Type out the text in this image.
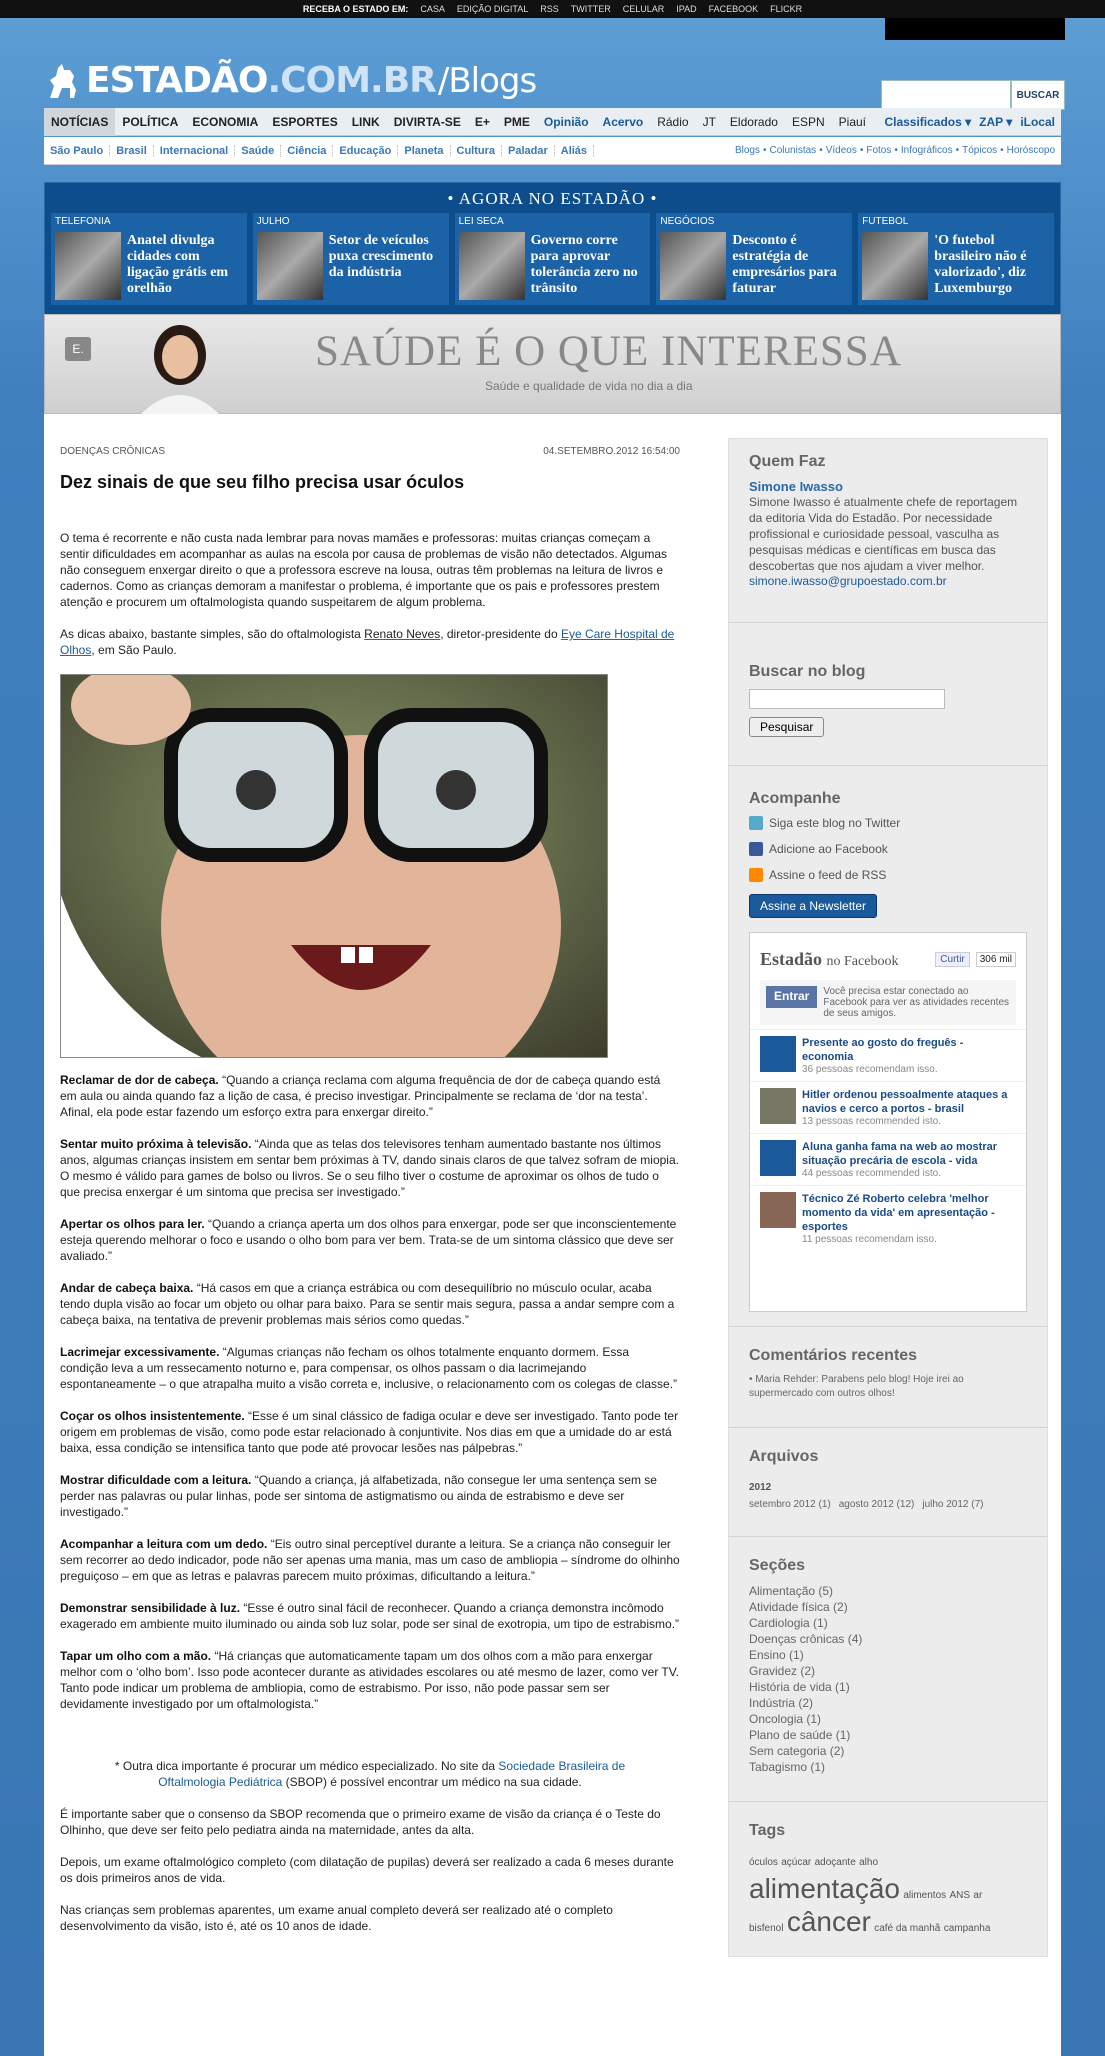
RECEBA O ESTADO EM: CASA EDIÇÃO DIGITAL RSS TWITTER CELULAR IPAD FACEBOOK FLICKR
ESTADÃO .COM.BR /Blogs	BUSCAR
NOTÍCIAS	POLÍTICA	ECONOMIA	ESPORTES	LINK	DIVIRTA-SE	E+	PME	Opinião	Acervo	Rádio	JT	Eldorado	ESPN	Piauí	Classificados ▾ ZAP ▾ iLocal
São Paulo	Brasil	Internacional	Saúde	Ciência	Educação	Planeta	Cultura	Paladar	Aliás	Blogs • Colunistas • Vídeos • Fotos • Infográficos • Tópicos • Horóscopo
• AGORA NO ESTADÃO •
TELEFONIA
Anatel divulga cidades com ligação grátis em orelhão
JULHO
Setor de veículos puxa crescimento da indústria
LEI SECA
Governo corre para aprovar tolerância zero no trânsito
NEGÓCIOS
Desconto é estratégia de empresários para faturar
FUTEBOL
'O futebol brasileiro não é valorizado', diz Luxemburgo
E.	SAÚDE É O QUE INTERESSA
Saúde e qualidade de vida no dia a dia
DOENÇAS CRÔNICAS	04.SETEMBRO.2012 16:54:00
Dez sinais de que seu filho precisa usar óculos

O tema é recorrente e não custa nada lembrar para novas mamães e professoras: muitas crianças começam a sentir dificuldades em acompanhar as aulas na escola por causa de problemas de visão não detectados. Algumas não conseguem enxergar direito o que a professora escreve na lousa, outras têm problemas na leitura de livros e cadernos. Como as crianças demoram a manifestar o problema, é importante que os pais e professores prestem atenção e procurem um oftalmologista quando suspeitarem de algum problema.

As dicas abaixo, bastante simples, são do oftalmologista Renato Neves, diretor-presidente do Eye Care Hospital de Olhos, em São Paulo.

Reclamar de dor de cabeça. “Quando a criança reclama com alguma frequência de dor de cabeça quando está em aula ou ainda quando faz a lição de casa, é preciso investigar. Principalmente se reclama de ‘dor na testa’. Afinal, ela pode estar fazendo um esforço extra para enxergar direito.”

Sentar muito próxima à televisão. “Ainda que as telas dos televisores tenham aumentado bastante nos últimos anos, algumas crianças insistem em sentar bem próximas à TV, dando sinais claros de que talvez sofram de miopia. O mesmo é válido para games de bolso ou livros. Se o seu filho tiver o costume de aproximar os olhos de tudo o que precisa enxergar é um sintoma que precisa ser investigado.”

Apertar os olhos para ler. “Quando a criança aperta um dos olhos para enxergar, pode ser que inconscientemente esteja querendo melhorar o foco e usando o olho bom para ver bem. Trata-se de um sintoma clássico que deve ser avaliado.”

Andar de cabeça baixa. “Há casos em que a criança estrábica ou com desequilíbrio no músculo ocular, acaba tendo dupla visão ao focar um objeto ou olhar para baixo. Para se sentir mais segura, passa a andar sempre com a cabeça baixa, na tentativa de prevenir problemas mais sérios como quedas.”

Lacrimejar excessivamente. “Algumas crianças não fecham os olhos totalmente enquanto dormem. Essa condição leva a um ressecamento noturno e, para compensar, os olhos passam o dia lacrimejando espontaneamente – o que atrapalha muito a visão correta e, inclusive, o relacionamento com os colegas de classe.”

Coçar os olhos insistentemente. “Esse é um sinal clássico de fadiga ocular e deve ser investigado. Tanto pode ter origem em problemas de visão, como pode estar relacionado à conjuntivite. Nos dias em que a umidade do ar está baixa, essa condição se intensifica tanto que pode até provocar lesões nas pálpebras.”

Mostrar dificuldade com a leitura. “Quando a criança, já alfabetizada, não consegue ler uma sentença sem se perder nas palavras ou pular linhas, pode ser sintoma de astigmatismo ou ainda de estrabismo e deve ser investigado.”

Acompanhar a leitura com um dedo. “Eis outro sinal perceptível durante a leitura. Se a criança não conseguir ler sem recorrer ao dedo indicador, pode não ser apenas uma mania, mas um caso de ambliopia – síndrome do olhinho preguiçoso – em que as letras e palavras parecem muito próximas, dificultando a leitura.”

Demonstrar sensibilidade à luz. “Esse é outro sinal fácil de reconhecer. Quando a criança demonstra incômodo exagerado em ambiente muito iluminado ou ainda sob luz solar, pode ser sinal de exotropia, um tipo de estrabismo.”

Tapar um olho com a mão. “Há crianças que automaticamente tapam um dos olhos com a mão para enxergar melhor com o ‘olho bom’. Isso pode acontecer durante as atividades escolares ou até mesmo de lazer, como ver TV. Tanto pode indicar um problema de ambliopia, como de estrabismo. Por isso, não pode passar sem ser devidamente investigado por um oftalmologista.”

* Outra dica importante é procurar um médico especializado. No site da Sociedade Brasileira de Oftalmologia Pediátrica (SBOP) é possível encontrar um médico na sua cidade.

É importante saber que o consenso da SBOP recomenda que o primeiro exame de visão da criança é o Teste do Olhinho, que deve ser feito pelo pediatra ainda na maternidade, antes da alta.

Depois, um exame oftalmológico completo (com dilatação de pupilas) deverá ser realizado a cada 6 meses durante os dois primeiros anos de vida.

Nas crianças sem problemas aparentes, um exame anual completo deverá ser realizado até o completo desenvolvimento da visão, isto é, até os 10 anos de idade.

Quem Faz
Simone Iwasso
Simone Iwasso é atualmente chefe de reportagem da editoria Vida do Estadão. Por necessidade profissional e curiosidade pessoal, vasculha as pesquisas médicas e científicas em busca das descobertas que nos ajudam a viver melhor.
simone.iwasso@grupoestado.com.br
Buscar no blog
Pesquisar
Acompanhe
Siga este blog no Twitter
Adicione ao Facebook
Assine o feed de RSS
Assine a Newsletter
Estadão no Facebook	Curtir	306 mil
Entrar	Você precisa estar conectado ao Facebook para ver as atividades recentes de seus amigos.
Presente ao gosto do freguês - economia
36 pessoas recomendam isso.
Hitler ordenou pessoalmente ataques a navios e cerco a portos - brasil
13 pessoas recommended isto.
Aluna ganha fama na web ao mostrar situação precária de escola - vida
44 pessoas recommended isto.
Técnico Zé Roberto celebra 'melhor momento da vida' em apresentação - esportes
11 pessoas recomendam isso.
Comentários recentes
• Maria Rehder: Parabens pelo blog! Hoje irei ao supermercado com outros olhos!
Arquivos
2012
setembro 2012 (1) agosto 2012 (12) julho 2012 (7)
Seções
Alimentação (5)
Atividade física (2)
Cardiologia (1)
Doenças crônicas (4)
Ensino (1)
Gravidez (2)
História de vida (1)
Indústria (2)
Oncologia (1)
Plano de saúde (1)
Sem categoria (2)
Tabagismo (1)
Tags
óculos açúcar adoçante alho
alimentação alimentos ANS ar
bisfenol câncer café da manhã campanha
